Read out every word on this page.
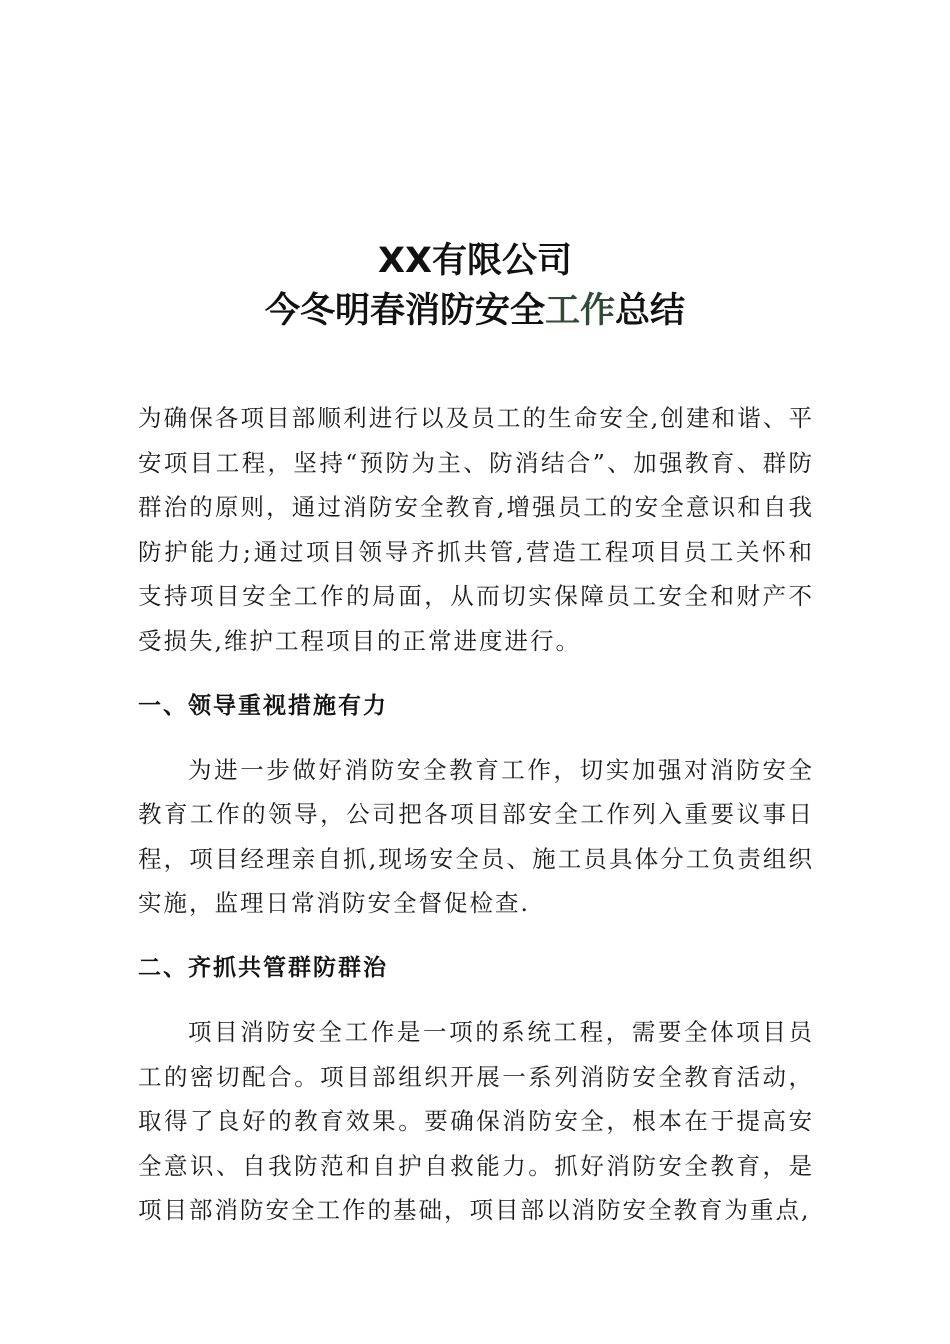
XX有限公司
今冬明春消防安全工作总结

为确保各项目部顺利进行以及员工的生命安全,创建和谐、平安项目工程，坚持“预防为主、防消结合”、加强教育、群防群治的原则，通过消防安全教育,增强员工的安全意识和自我防护能力;通过项目领导齐抓共管,营造工程项目员工关怀和支持项目安全工作的局面，从而切实保障员工安全和财产不受损失,维护工程项目的正常进度进行。

一、领导重视措施有力

为进一步做好消防安全教育工作，切实加强对消防安全教育工作的领导，公司把各项目部安全工作列入重要议事日程，项目经理亲自抓,现场安全员、施工员具体分工负责组织实施，监理日常消防安全督促检查.

二、齐抓共管群防群治

项目消防安全工作是一项的系统工程，需要全体项目员工的密切配合。项目部组织开展一系列消防安全教育活动，取得了良好的教育效果。要确保消防安全，根本在于提高安全意识、自我防范和自护自救能力。抓好消防安全教育，是项目部消防安全工作的基础，项目部以消防安全教育为重点,
